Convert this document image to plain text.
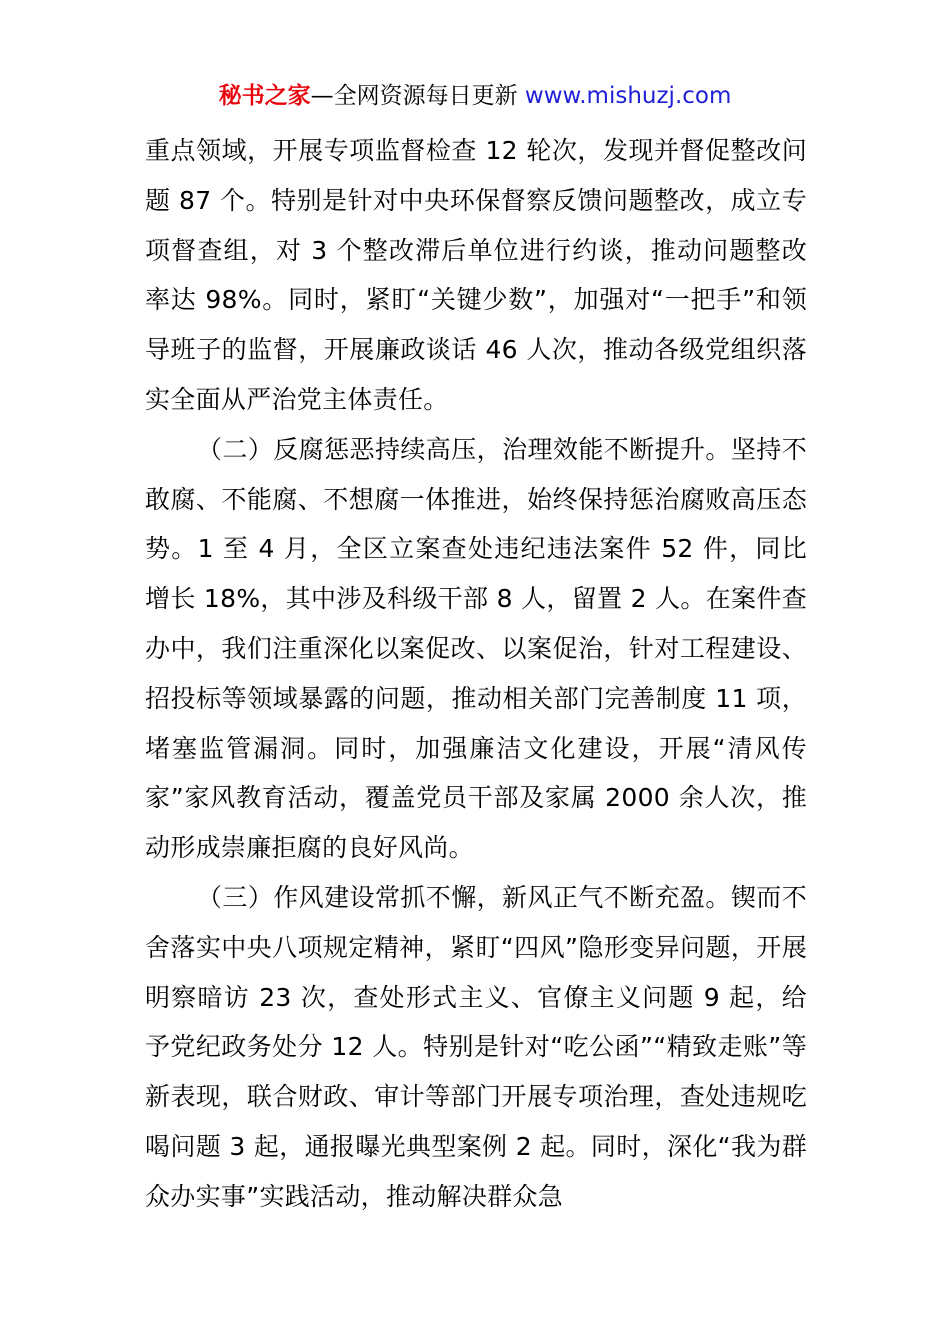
秘书之家—全网资源每日更新 www.mishuzj.com

重点领域，开展专项监督检查 12 轮次，发现并督促整改问题 87 个。特别是针对中央环保督察反馈问题整改，成立专项督查组，对 3 个整改滞后单位进行约谈，推动问题整改率达 98%。同时，紧盯“关键少数”，加强对“一把手”和领导班子的监督，开展廉政谈话 46 人次，推动各级党组织落实全面从严治党主体责任。

（二）反腐惩恶持续高压，治理效能不断提升。坚持不敢腐、不能腐、不想腐一体推进，始终保持惩治腐败高压态势。1 至 4 月，全区立案查处违纪违法案件 52 件，同比增长 18%，其中涉及科级干部 8 人，留置 2 人。在案件查办中，我们注重深化以案促改、以案促治，针对工程建设、招投标等领域暴露的问题，推动相关部门完善制度 11 项，堵塞监管漏洞。同时，加强廉洁文化建设，开展“清风传家”家风教育活动，覆盖党员干部及家属 2000 余人次，推动形成崇廉拒腐的良好风尚。

（三）作风建设常抓不懈，新风正气不断充盈。锲而不舍落实中央八项规定精神，紧盯“四风”隐形变异问题，开展明察暗访 23 次，查处形式主义、官僚主义问题 9 起，给予党纪政务处分 12 人。特别是针对“吃公函”“精致走账”等新表现，联合财政、审计等部门开展专项治理，查处违规吃喝问题 3 起，通报曝光典型案例 2 起。同时，深化“我为群众办实事”实践活动，推动解决群众急
